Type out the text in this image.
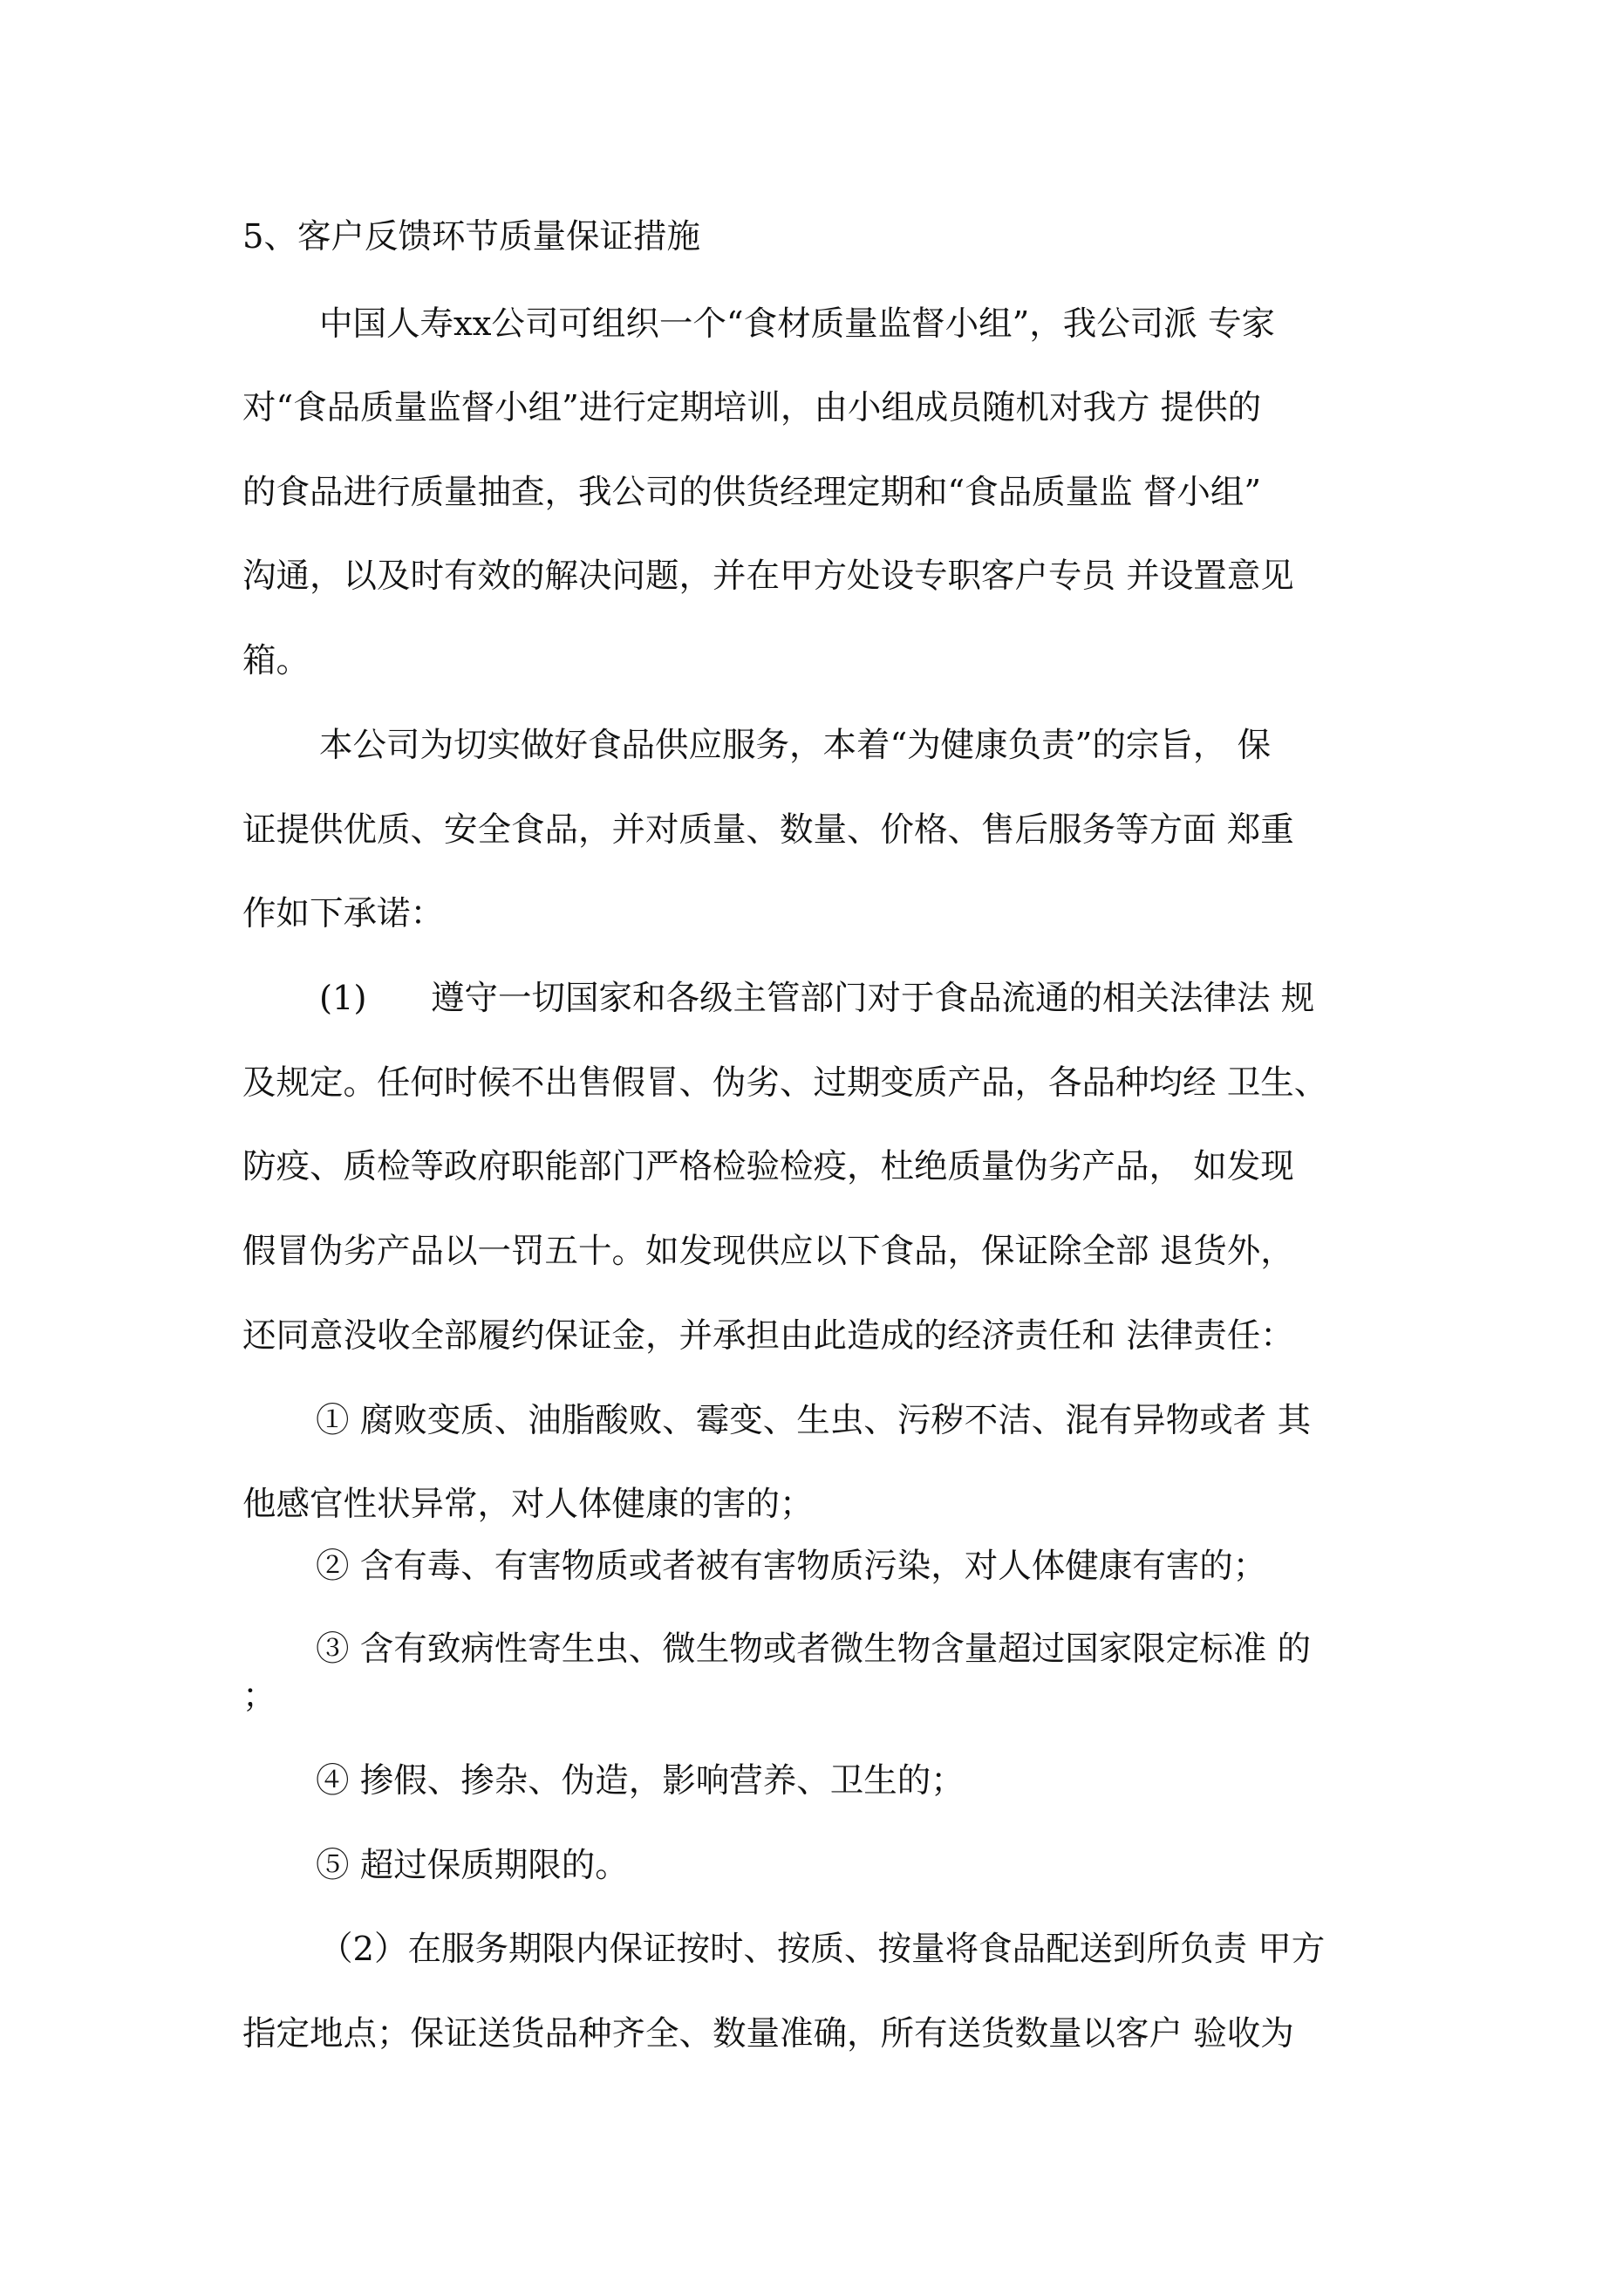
5、客户反馈环节质量保证措施
中国人寿xx公司可组织一个“食材质量监督小组”，我公司派 专家
对“食品质量监督小组”进行定期培训，由小组成员随机对我方 提供的
的食品进行质量抽查，我公司的供货经理定期和“食品质量监 督小组”
沟通，以及时有效的解决问题，并在甲方处设专职客户专员 并设置意见
箱。
本公司为切实做好食品供应服务，本着“为健康负责”的宗旨， 保
证提供优质、安全食品，并对质量、数量、价格、售后服务等方面 郑重
作如下承诺：
(1)      遵守一切国家和各级主管部门对于食品流通的相关法律法 规
及规定。任何时候不出售假冒、伪劣、过期变质产品，各品种均经 卫生、
防疫、质检等政府职能部门严格检验检疫，杜绝质量伪劣产品， 如发现
假冒伪劣产品以一罚五十。如发现供应以下食品，保证除全部 退货外，
还同意没收全部履约保证金，并承担由此造成的经济责任和 法律责任：
① 腐败变质、油脂酸败、霉变、生虫、污秽不洁、混有异物或者 其
他感官性状异常，对人体健康的害的；
② 含有毒、有害物质或者被有害物质污染，对人体健康有害的；
③ 含有致病性寄生虫、微生物或者微生物含量超过国家限定标准 的
；
④ 掺假、掺杂、伪造，影响营养、卫生的；
⑤ 超过保质期限的。
（2）在服务期限内保证按时、按质、按量将食品配送到所负责 甲方
指定地点；保证送货品种齐全、数量准确，所有送货数量以客户 验收为
